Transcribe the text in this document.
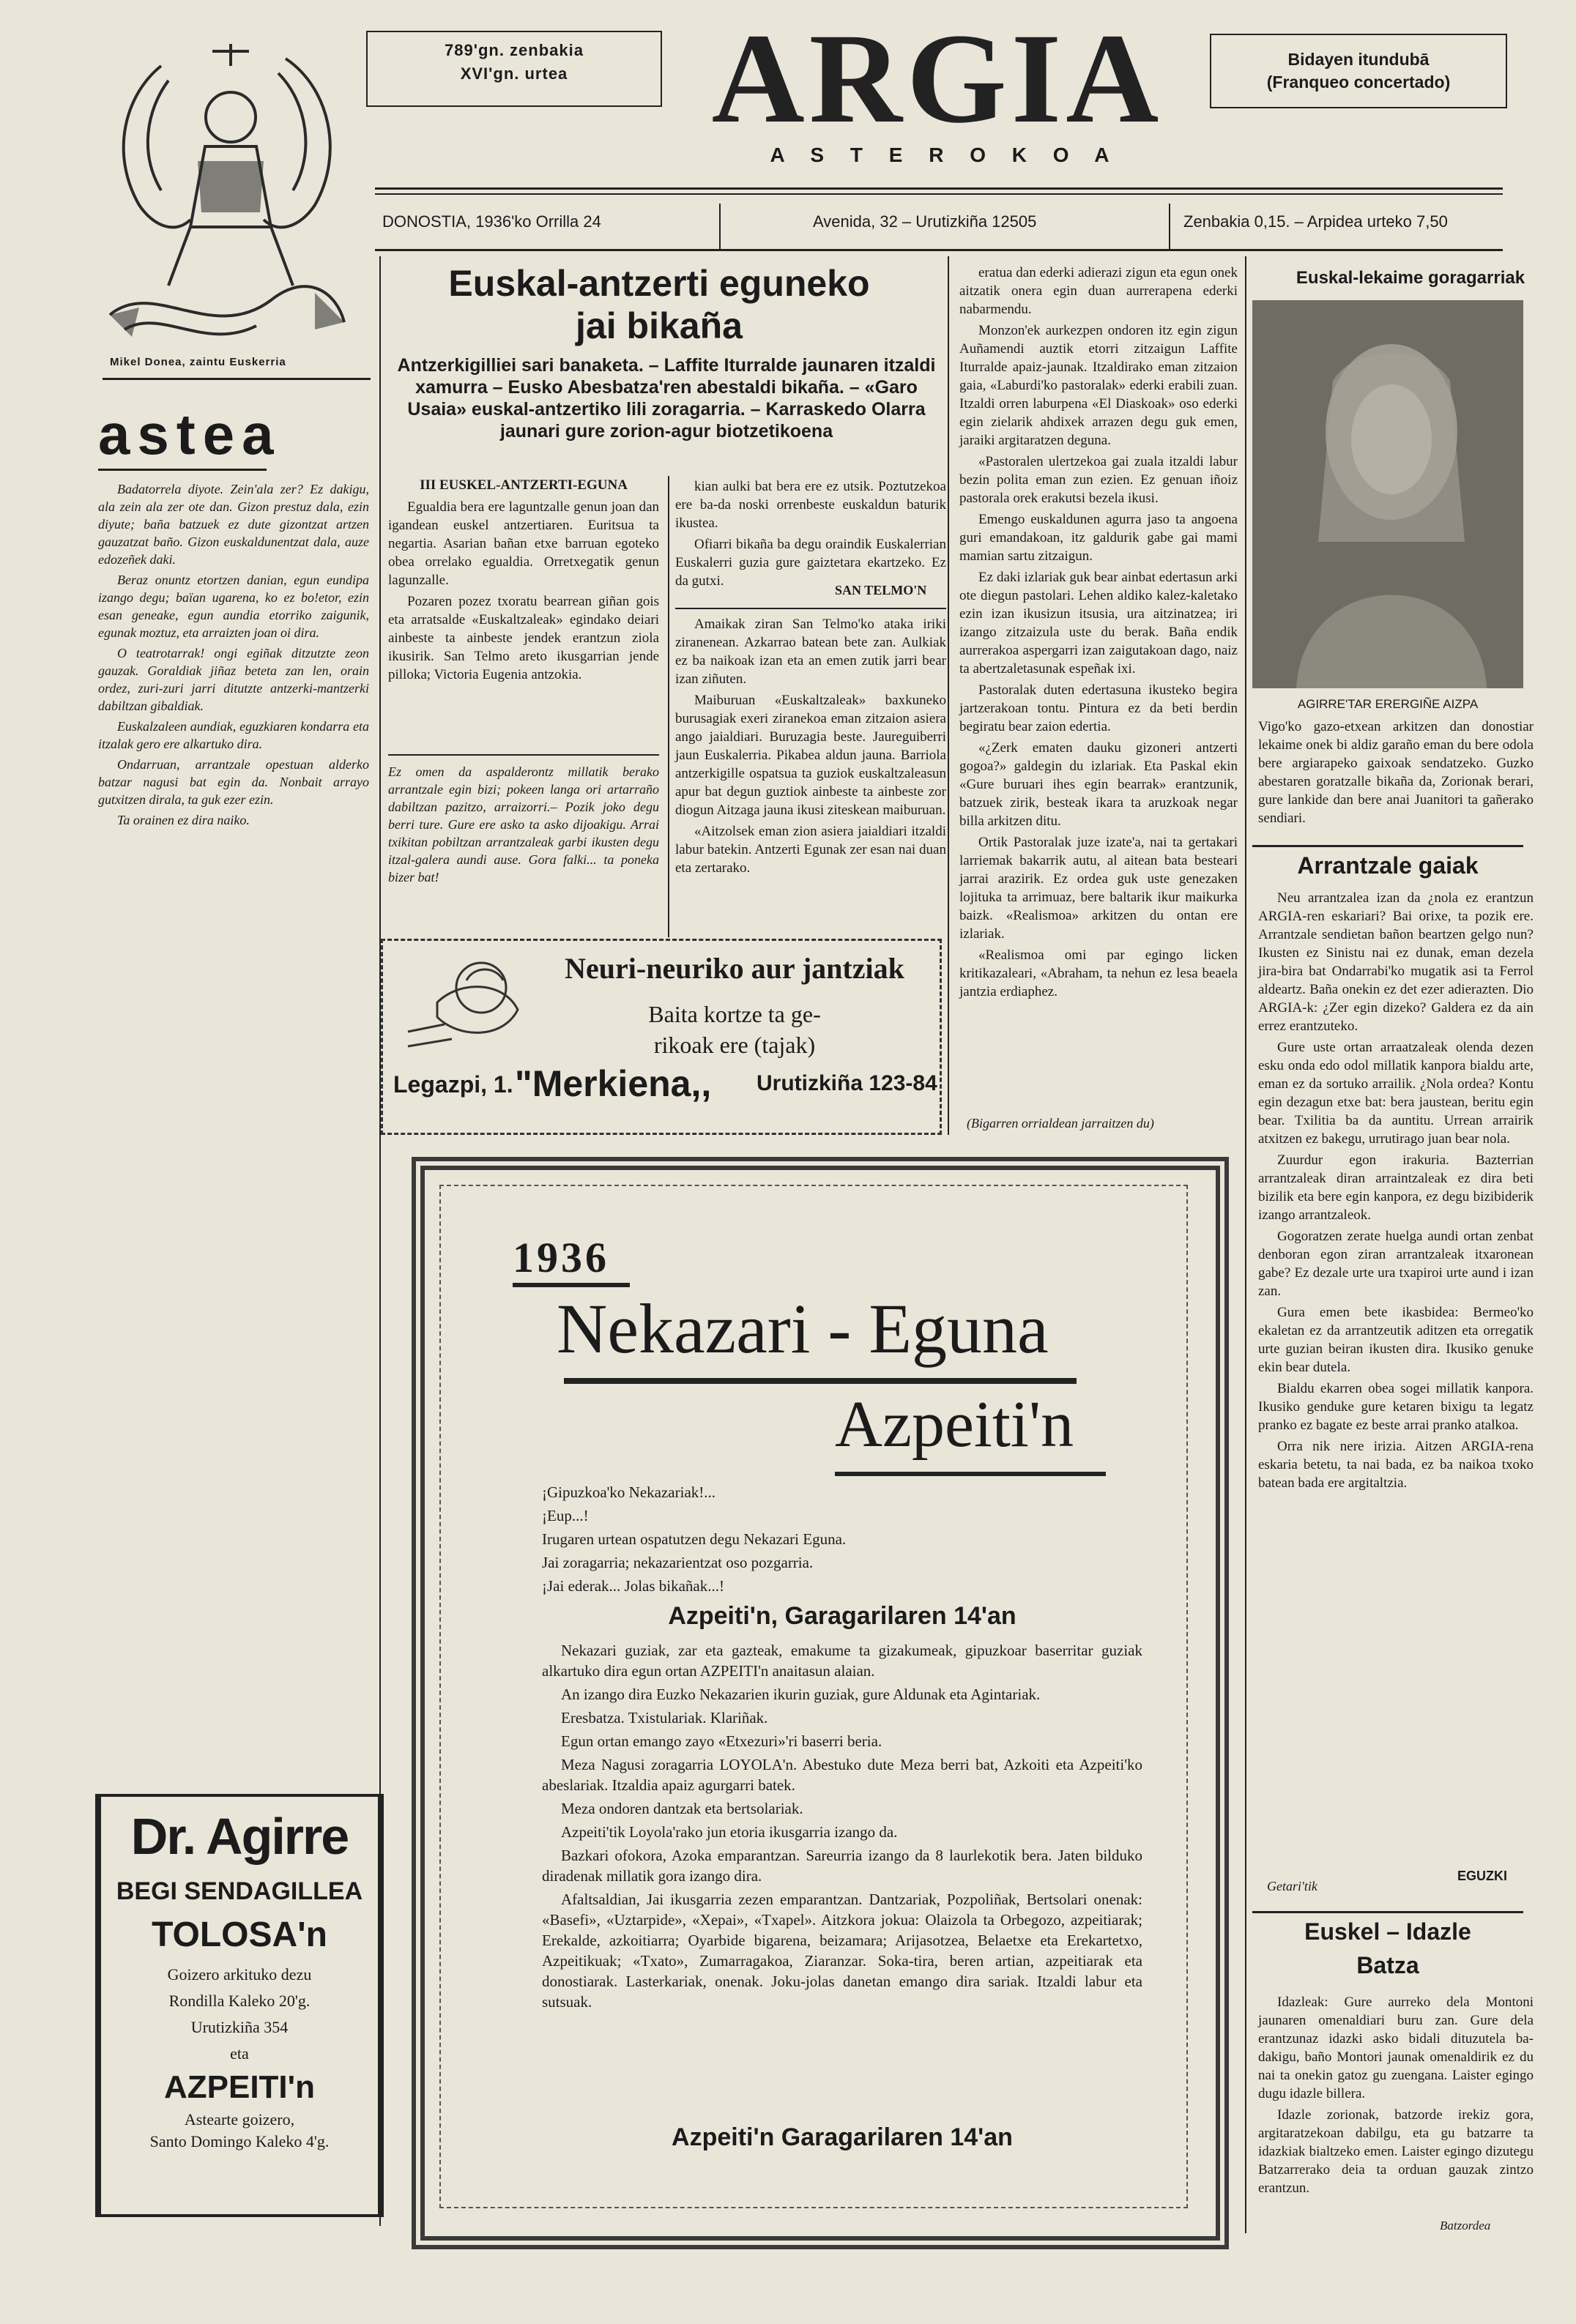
789'gn. zenbakia
XVI'gn. urtea	ARGIA
A S T E R O K O A
Bidayen itundubā
(Franqueo concertado)
Mikel Donea, zaintu Euskerria
DONOSTIA, 1936'ko Orrilla 24	Avenida, 32 – Urutizkiña 12505	Zenbakia 0,15. – Arpidea urteko 7,50
astea

Badatorrela diyote. Zein'ala zer? Ez dakigu, ala zein ala zer ote dan. Gizon prestuz dala, ezin diyute; baña batzuek ez dute gizontzat artzen gauzatzat baño. Gizon euskaldunentzat dala, auze edozeñek daki.

Beraz onuntz etortzen danian, egun eundipa izango degu; baïan ugarena, ko ez bo!etor, ezin esan geneake, egun aundia etorriko zaigunik, egunak moztuz, eta arraizten joan oi dira.

O teatrotarrak! ongi egiñak ditzutzte zeon gauzak. Goraldiak jiñaz beteta zan len, orain ordez, zuri-zuri jarri ditutzte antzerki-mantzerki dabiltzan gibaldiak.

Euskalzaleen aundiak, eguzkiaren kondarra eta itzalak gero ere alkartuko dira.

Ondarruan, arrantzale opestuan alderko batzar nagusi bat egin da. Nonbait arrayo gutxitzen dirala, ta guk ezer ezin.

Ta orainen ez dira naiko.

Dr. Agirre
BEGI SENDAGILLEA
TOLOSA'n
Goizero arkituko dezu
Rondilla Kaleko 20'g.
Urutizkiña 354
eta
AZPEITI'n
Astearte goizero,
Santo Domingo Kaleko 4'g.
Euskal-antzerti eguneko
jai bikaña
Antzerkigilliei sari banaketa. – Laffite Iturralde jaunaren itzaldi xamurra – Eusko Abesbatza'ren abestaldi bikaña. – «Garo Usaia» euskal-antzertiko lili zoragarria. – Karraskedo Olarra jaunari gure zorion-agur biotzetikoena
III EUSKEL-ANTZERTI-EGUNA

Egualdia bera ere laguntzalle genun joan dan igandean euskel antzertiaren. Euritsua ta negartia. Asarian bañan etxe barruan egoteko obea orrelako egualdia. Orretxegatik genun lagunzalle.

Pozaren pozez txoratu bearrean giñan gois eta arratsalde «Euskaltzaleak» egindako deiari ainbeste ta ainbeste jendek erantzun ziola ikusirik. San Telmo areto ikusgarrian jende pilloka; Victoria Eugenia antzokia.

kian aulki bat bera ere ez utsik. Poztutzekoa ere ba-da noski orrenbeste euskaldun baturik ikustea.

Ofiarri bikaña ba degu oraindik Euskalerrian Euskalerri guzia gure gaiztetara ekartzeko. Ez da gutxi.

SAN TELMO'N

Amaikak ziran San Telmo'ko ataka iriki ziranenean. Azkarrao batean bete zan. Aulkiak ez ba naikoak izan eta an emen zutik jarri bear izan ziñuten.

Maiburuan «Euskaltzaleak» baxkuneko burusagiak exeri ziranekoa eman zitzaion asiera ango jaialdiari. Buruzagia beste. Jaureguiberri jaun Euskalerria. Pikabea aldun jauna. Barriola antzerkigille ospatsua ta guziok euskaltzaleasun apur bat degun guztiok ainbeste ta ainbeste zor diogun Aitzaga jauna ikusi ziteskean maiburuan.

«Aitzolsek eman zion asiera jaialdiari itzaldi labur batekin. Antzerti Egunak zer esan nai duan eta zertarako.

Ez omen da aspalderontz millatik berako arrantzale egin bizi; pokeen langa ori artarraño dabiltzan pazitzo, arraizorri.– Pozik joko degu berri ture. Gure ere asko ta asko dijoakigu. Arrai txikitan pobiltzan arrantzaleak garbi ikusten degu itzal-galera aundi ause. Gora falki... ta poneka bizer bat!
Neuri-neuriko aur jantziak
Baita kortze ta ge-
rikoak ere (tajak)
Legazpi, 1. "Merkiena,, Urutizkiña 123-84

eratua dan ederki adierazi zigun eta egun onek aitzatik onera egin duan aurrerapena ederki nabarmendu.

Monzon'ek aurkezpen ondoren itz egin zigun Auñamendi auztik etorri zitzaigun Laffite Iturralde apaiz-jaunak. Itzaldirako eman zitzaion gaia, «Laburdi'ko pastoralak» ederki erabili zuan. Itzaldi orren laburpena «El Diaskoak» oso ederki egin zielarik ahdixek arrazen degu guk emen, jaraiki argitaratzen deguna.

«Pastoralen ulertzekoa gai zuala itzaldi labur bezin polita eman zun ezien. Ez genuan iñoiz pastorala orek erakutsi bezela ikusi.

Emengo euskaldunen agurra jaso ta angoena guri emandakoan, itz galdurik gabe gai mami mamian sartu zitzaigun.

Ez daki izlariak guk bear ainbat edertasun arki ote diegun pastolari. Lehen aldiko kalez-kaletako ezin izan ikusizun itsusia, ura aitzinatzea; iri izango zitzaizula uste du berak. Baña endik aurrerakoa aspergarri izan zaigutakoan dago, naiz ta abertzaletasunak espeñak ixi.

Pastoralak duten edertasuna ikusteko begira jartzerakoan tontu. Pintura ez da beti berdin begiratu bear zaion edertia.

«¿Zerk ematen dauku gizoneri antzerti gogoa?» galdegin du izlariak. Eta Paskal ekin «Gure buruari ihes egin bearrak» erantzunik, batzuek zirik, besteak ikara ta aruzkoak negar billa arkitzen ditu.

Ortik Pastoralak juze izate'a, nai ta gertakari larriemak bakarrik autu, al aitean bata besteari jarrai arazirik. Ez ordea guk uste genezaken lojituka ta arrimuaz, bere baltarik ikur maikurka baizk. «Realismoa» arkitzen du ontan ere izlariak.

«Realismoa omi par egingo licken kritikazaleari, «Abraham, ta nehun ez lesa beaela jantzia erdiaphez.

(Bigarren orrialdean jarraitzen du)
Euskal-lekaime goragarriak
AGIRRE'TAR ERERGIÑE AIZPA
Vigo'ko gazo-etxean arkitzen dan donostiar lekaime onek bi aldiz garaño eman du bere odola bere argiarapeko gaixoak sendatzeko. Guzko abestaren goratzalle bikaña da, Zorionak berari, gure lankide dan bere anai Juanitori ta gañerako sendiari.
Arrantzale gaiak

Neu arrantzalea izan da ¿nola ez erantzun ARGIA-ren eskariari? Bai orixe, ta pozik ere. Arrantzale sendietan bañon beartzen gelgo nun? Ikusten ez Sinistu nai ez dunak, eman dezela jira-bira bat Ondarrabi'ko mugatik asi ta Ferrol aldeartz. Baña onekin ez det ezer adierazten. Dio ARGIA-k: ¿Zer egin dizeko? Galdera ez da ain errez erantzuteko.

Gure uste ortan arraatzaleak olenda dezen esku onda edo odol millatik kanpora bialdu arte, eman ez da sortuko arrailik. ¿Nola ordea? Kontu egin dezagun etxe bat: bera jaustean, beritu egin bear. Txilitia ba da auntitu. Urrean arrairik atxitzen ez bakegu, urrutirago juan bear nola.

Zuurdur egon irakuria. Bazterrian arrantzaleak diran arraintzaleak ez dira beti bizilik eta bere egin kanpora, ez degu bizibiderik izango arrantzaleok.

Gogoratzen zerate huelga aundi ortan zenbat denboran egon ziran arrantzaleak itxaronean gabe? Ez dezale urte ura txapiroi urte aund i izan zan.

Gura emen bete ikasbidea: Bermeo'ko ekaletan ez da arrantzeutik aditzen eta orregatik urte guzian beiran ikusten dira. Ikusiko genuke ekin bear dutela.

Bialdu ekarren obea sogei millatik kanpora. Ikusiko genduke gure ketaren bixigu ta legatz pranko ez bagate ez beste arrai pranko atalkoa.

Orra nik nere irizia. Aitzen ARGIA-rena eskaria betetu, ta nai bada, ez ba naikoa txoko batean bada ere argitaltzia.

Getari'tik
EGUZKI
Euskel – Idazle
Batza

Idazleak: Gure aurreko dela Montoni jaunaren omenaldiari buru zan. Gure dela erantzunaz idazki asko bidali dituzutela ba-dakigu, baño Montori jaunak omenaldirik ez du nai ta onekin gatoz gu zuengana. Laister egingo dugu idazle billera.

Idazle zorionak, batzorde irekiz gora, argitaratzekoan dabilgu, eta gu batzarre ta idazkiak bialtzeko emen. Laister egingo dizutegu Batzarrerako deia ta orduan gauzak zintzo erantzun.

Batzordea
1936
Nekazari - Eguna
Azpeiti'n

¡Gipuzkoa'ko Nekazariak!...

¡Eup...!

Irugaren urtean ospatutzen degu Nekazari Eguna.

Jai zoragarria; nekazarientzat oso pozgarria.

¡Jai ederak... Jolas bikañak...!

Azpeiti'n, Garagarilaren 14'an

Nekazari guziak, zar eta gazteak, emakume ta gizakumeak, gipuzkoar baserritar guziak alkartuko dira egun ortan AZPEITI'n anaitasun alaian.

An izango dira Euzko Nekazarien ikurin guziak, gure Aldunak eta Agintariak.

Eresbatza. Txistulariak. Klariñak.

Egun ortan emango zayo «Etxezuri»'ri baserri beria.

Meza Nagusi zoragarria LOYOLA'n. Abestuko dute Meza berri bat, Azkoiti eta Azpeiti'ko abeslariak. Itzaldia apaiz agurgarri batek.

Meza ondoren dantzak eta bertsolariak.

Azpeiti'tik Loyola'rako jun etoria ikusgarria izango da.

Bazkari ofokora, Azoka emparantzan. Sareurria izango da 8 laurlekotik bera. Jaten bilduko diradenak millatik gora izango dira.

Afaltsaldian, Jai ikusgarria zezen emparantzan. Dantzariak, Pozpoliñak, Bertsolari onenak: «Basefi», «Uztarpide», «Xepai», «Txapel». Aitzkora jokua: Olaizola ta Orbegozo, azpeitiarak; Erekalde, azkoitiarra; Oyarbide bigarena, beizamara; Arijasotzea, Belaetxe eta Erekartetxo, Azpeitikuak; «Txato», Zumarragakoa, Ziaranzar. Soka-tira, beren artian, azpeitiarak eta donostiarak. Lasterkariak, onenak. Joku-jolas danetan emango dira sariak. Itzaldi labur eta sutsuak.

Azpeiti'n Garagarilaren 14'an
